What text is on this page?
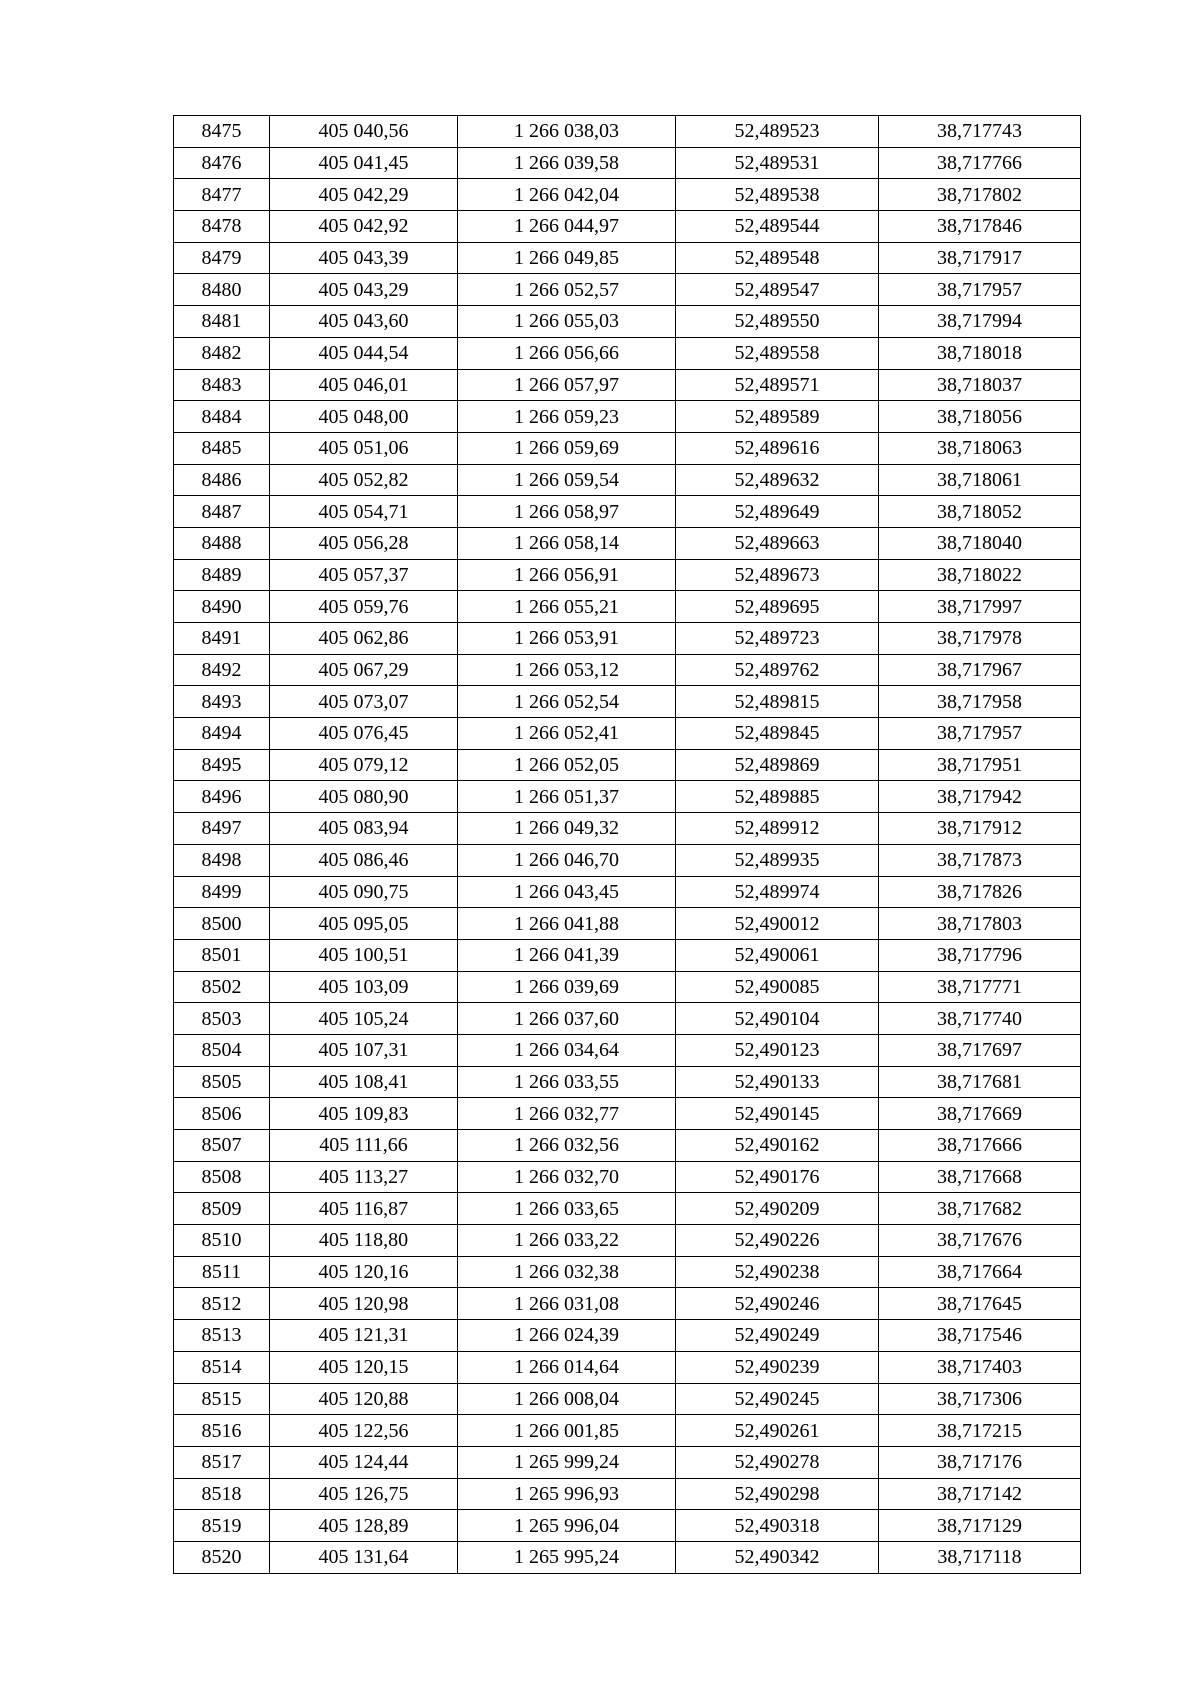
8475	405 040,56	1 266 038,03	52,489523	38,717743
8476	405 041,45	1 266 039,58	52,489531	38,717766
8477	405 042,29	1 266 042,04	52,489538	38,717802
8478	405 042,92	1 266 044,97	52,489544	38,717846
8479	405 043,39	1 266 049,85	52,489548	38,717917
8480	405 043,29	1 266 052,57	52,489547	38,717957
8481	405 043,60	1 266 055,03	52,489550	38,717994
8482	405 044,54	1 266 056,66	52,489558	38,718018
8483	405 046,01	1 266 057,97	52,489571	38,718037
8484	405 048,00	1 266 059,23	52,489589	38,718056
8485	405 051,06	1 266 059,69	52,489616	38,718063
8486	405 052,82	1 266 059,54	52,489632	38,718061
8487	405 054,71	1 266 058,97	52,489649	38,718052
8488	405 056,28	1 266 058,14	52,489663	38,718040
8489	405 057,37	1 266 056,91	52,489673	38,718022
8490	405 059,76	1 266 055,21	52,489695	38,717997
8491	405 062,86	1 266 053,91	52,489723	38,717978
8492	405 067,29	1 266 053,12	52,489762	38,717967
8493	405 073,07	1 266 052,54	52,489815	38,717958
8494	405 076,45	1 266 052,41	52,489845	38,717957
8495	405 079,12	1 266 052,05	52,489869	38,717951
8496	405 080,90	1 266 051,37	52,489885	38,717942
8497	405 083,94	1 266 049,32	52,489912	38,717912
8498	405 086,46	1 266 046,70	52,489935	38,717873
8499	405 090,75	1 266 043,45	52,489974	38,717826
8500	405 095,05	1 266 041,88	52,490012	38,717803
8501	405 100,51	1 266 041,39	52,490061	38,717796
8502	405 103,09	1 266 039,69	52,490085	38,717771
8503	405 105,24	1 266 037,60	52,490104	38,717740
8504	405 107,31	1 266 034,64	52,490123	38,717697
8505	405 108,41	1 266 033,55	52,490133	38,717681
8506	405 109,83	1 266 032,77	52,490145	38,717669
8507	405 111,66	1 266 032,56	52,490162	38,717666
8508	405 113,27	1 266 032,70	52,490176	38,717668
8509	405 116,87	1 266 033,65	52,490209	38,717682
8510	405 118,80	1 266 033,22	52,490226	38,717676
8511	405 120,16	1 266 032,38	52,490238	38,717664
8512	405 120,98	1 266 031,08	52,490246	38,717645
8513	405 121,31	1 266 024,39	52,490249	38,717546
8514	405 120,15	1 266 014,64	52,490239	38,717403
8515	405 120,88	1 266 008,04	52,490245	38,717306
8516	405 122,56	1 266 001,85	52,490261	38,717215
8517	405 124,44	1 265 999,24	52,490278	38,717176
8518	405 126,75	1 265 996,93	52,490298	38,717142
8519	405 128,89	1 265 996,04	52,490318	38,717129
8520	405 131,64	1 265 995,24	52,490342	38,717118
